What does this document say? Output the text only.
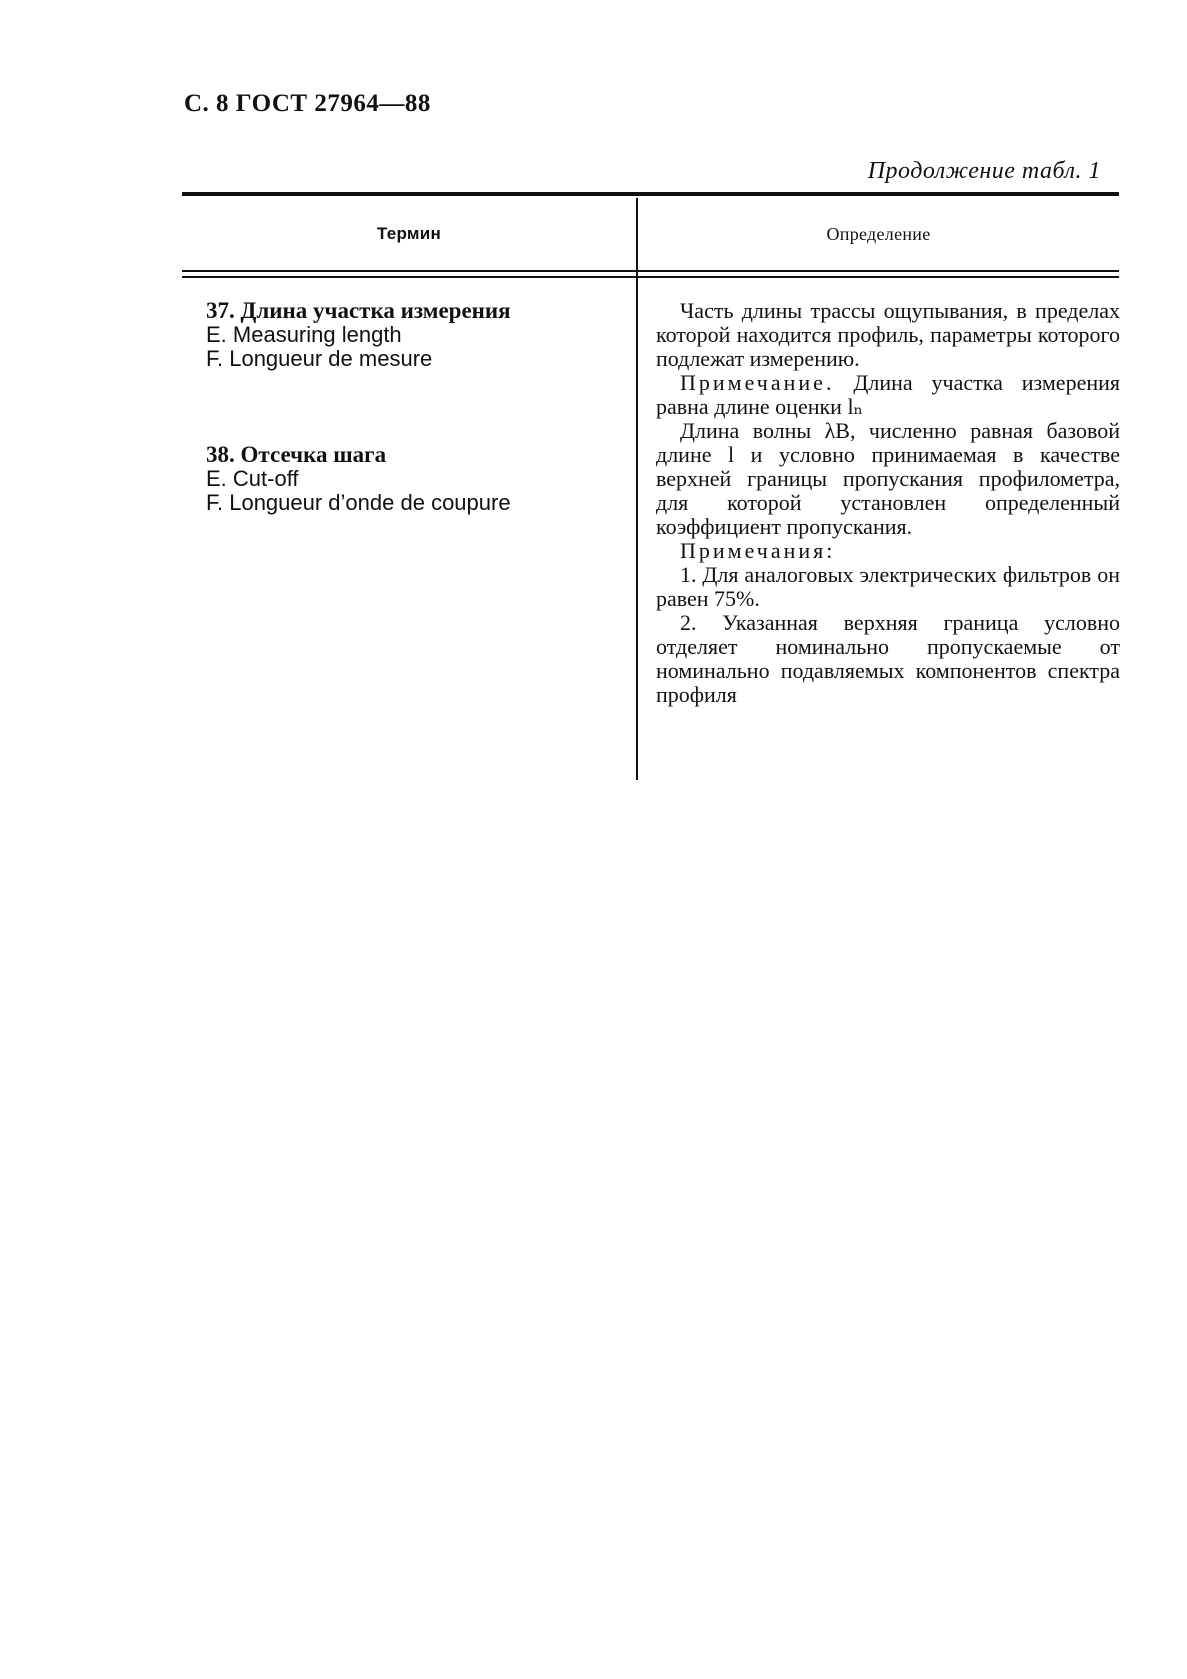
С. 8 ГОСТ 27964—88
Продолжение табл. 1
Термин	Определение
37. Длина участка измерения
E. Measuring length
F. Longueur de mesure
38. Отсечка шага
E. Cut-off
F. Longueur d’onde de coupure

Часть длины трассы ощупывания, в пределах которой находится профиль, параметры которого подлежат измерению.

Примечание. Длина участка измерения равна длине оценки lₙ

Длина волны λB, численно равная базовой длине l и условно принимаемая в качестве верхней границы пропускания профилометра, для которой установлен определенный коэффициент пропускания.

Примечания:

1. Для аналоговых электрических фильтров он равен 75%.

2. Указанная верхняя граница условно отделяет номинально пропускаемые от номинально подавляемых компонентов спектра профиля
